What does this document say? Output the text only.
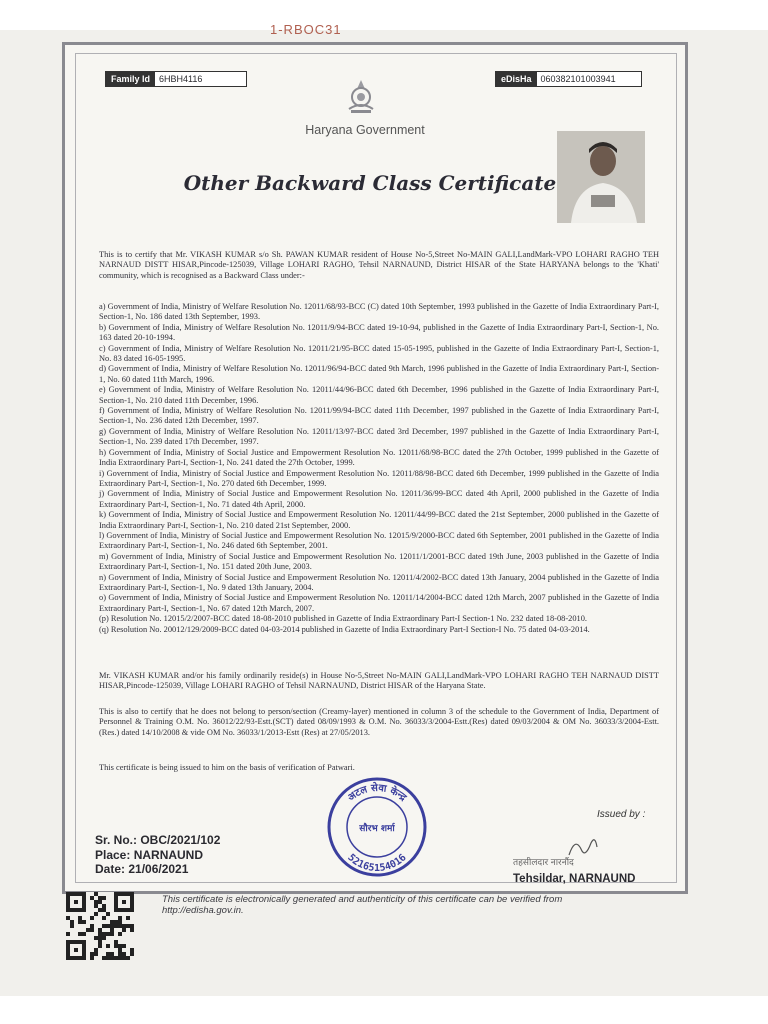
1-RBOC31
Family Id	6HBH4116	eDisHa	060382101003941
Haryana Government
Other Backward Class Certificate
This is to certify that Mr. VIKASH KUMAR s/o Sh. PAWAN KUMAR resident of House No-5,Street No-MAIN GALI,LandMark-VPO LOHARI RAGHO TEH NARNAUD DISTT HISAR,Pincode-125039, Village LOHARI RAGHO, Tehsil NARNAUND, District HISAR of the State HARYANA belongs to the 'Khati' community, which is recognised as a Backward Class under:-
a) Government of India, Ministry of Welfare Resolution No. 12011/68/93-BCC (C) dated 10th September, 1993 published in the Gazette of India Extraordinary Part-I, Section-1, No. 186 dated 13th September, 1993.
b) Government of India, Ministry of Welfare Resolution No. 12011/9/94-BCC dated 19-10-94, published in the Gazette of India Extraordinary Part-I, Section-1, No. 163 dated 20-10-1994.
c) Government of India, Ministry of Welfare Resolution No. 12011/21/95-BCC dated 15-05-1995, published in the Gazette of India Extraordinary Part-I, Section-1, No. 83 dated 16-05-1995.
d) Government of India, Ministry of Welfare Resolution No. 12011/96/94-BCC dated 9th March, 1996 published in the Gazette of India Extraordinary Part-I, Section-1, No. 60 dated 11th March, 1996.
e) Government of India, Ministry of Welfare Resolution No. 12011/44/96-BCC dated 6th December, 1996 published in the Gazette of India Extraordinary Part-I, Section-1, No. 210 dated 11th December, 1996.
f) Government of India, Ministry of Welfare Resolution No. 12011/99/94-BCC dated 11th December, 1997 published in the Gazette of India Extraordinary Part-I, Section-1, No. 236 dated 12th December, 1997.
g) Government of India, Ministry of Welfare Resolution No. 12011/13/97-BCC dated 3rd December, 1997 published in the Gazette of India Extraordinary Part-I, Section-1, No. 239 dated 17th December, 1997.
h) Government of India, Ministry of Social Justice and Empowerment Resolution No. 12011/68/98-BCC dated the 27th October, 1999 published in the Gazette of India Extraordinary Part-I, Section-1, No. 241 dated the 27th October, 1999.
i) Government of India, Ministry of Social Justice and Empowerment Resolution No. 12011/88/98-BCC dated 6th December, 1999 published in the Gazette of India Extraordinary Part-I, Section-1, No. 270 dated 6th December, 1999.
j) Government of India, Ministry of Social Justice and Empowerment Resolution No. 12011/36/99-BCC dated 4th April, 2000 published in the Gazette of India Extraordinary Part-I, Section-1, No. 71 dated 4th April, 2000.
k) Government of India, Ministry of Social Justice and Empowerment Resolution No. 12011/44/99-BCC dated the 21st September, 2000 published in the Gazette of India Extraordinary Part-I, Section-1, No. 210 dated 21st September, 2000.
l) Government of India, Ministry of Social Justice and Empowerment Resolution No. 12015/9/2000-BCC dated 6th September, 2001 published in the Gazette of India Extraordinary Part-I, Section-1, No. 246 dated 6th September, 2001.
m) Government of India, Ministry of Social Justice and Empowerment Resolution No. 12011/1/2001-BCC dated 19th June, 2003 published in the Gazette of India Extraordinary Part-I, Section-1, No. 151 dated 20th June, 2003.
n) Government of India, Ministry of Social Justice and Empowerment Resolution No. 12011/4/2002-BCC dated 13th January, 2004 published in the Gazette of India Extraordinary Part-I, Section-1, No. 9 dated 13th January, 2004.
o) Government of India, Ministry of Social Justice and Empowerment Resolution No. 12011/14/2004-BCC dated 12th March, 2007 published in the Gazette of India Extraordinary Part-I, Section-1, No. 67 dated 12th March, 2007.
(p) Resolution No. 12015/2/2007-BCC dated 18-08-2010 published in Gazette of India Extraordinary Part-I Section-1 No. 232 dated 18-08-2010.
(q) Resolution No. 20012/129/2009-BCC dated 04-03-2014 published in Gazette of India Extraordinary Part-I Section-I No. 75 dated 04-03-2014.
Mr. VIKASH KUMAR and/or his family ordinarily reside(s) in House No-5,Street No-MAIN GALI,LandMark-VPO LOHARI RAGHO TEH NARNAUD DISTT HISAR,Pincode-125039, Village LOHARI RAGHO of Tehsil NARNAUND, District HISAR of the Haryana State.
This is also to certify that he does not belong to person/section (Creamy-layer) mentioned in column 3 of the schedule to the Government of India, Department of Personnel & Training O.M. No. 36012/22/93-Estt.(SCT) dated 08/09/1993 & O.M. No. 36033/3/2004-Estt.(Res) dated 09/03/2004 & OM No. 36033/3/2004-Estt.(Res.) dated 14/10/2008 & vide OM No. 36033/1/2013-Estt (Res) at 27/05/2013.
This certificate is being issued to him on the basis of verification of Patwari.
अटल सेवा केन्द्र
सौरभ शर्मा
52165154016
Issued by :
Sr. No.: OBC/2021/102
Place: NARNAUND
Date: 21/06/2021	तहसीलदार नारनौंद
Tehsildar, NARNAUND
This certificate is electronically generated and authenticity of this certificate can be verified from http://edisha.gov.in.
